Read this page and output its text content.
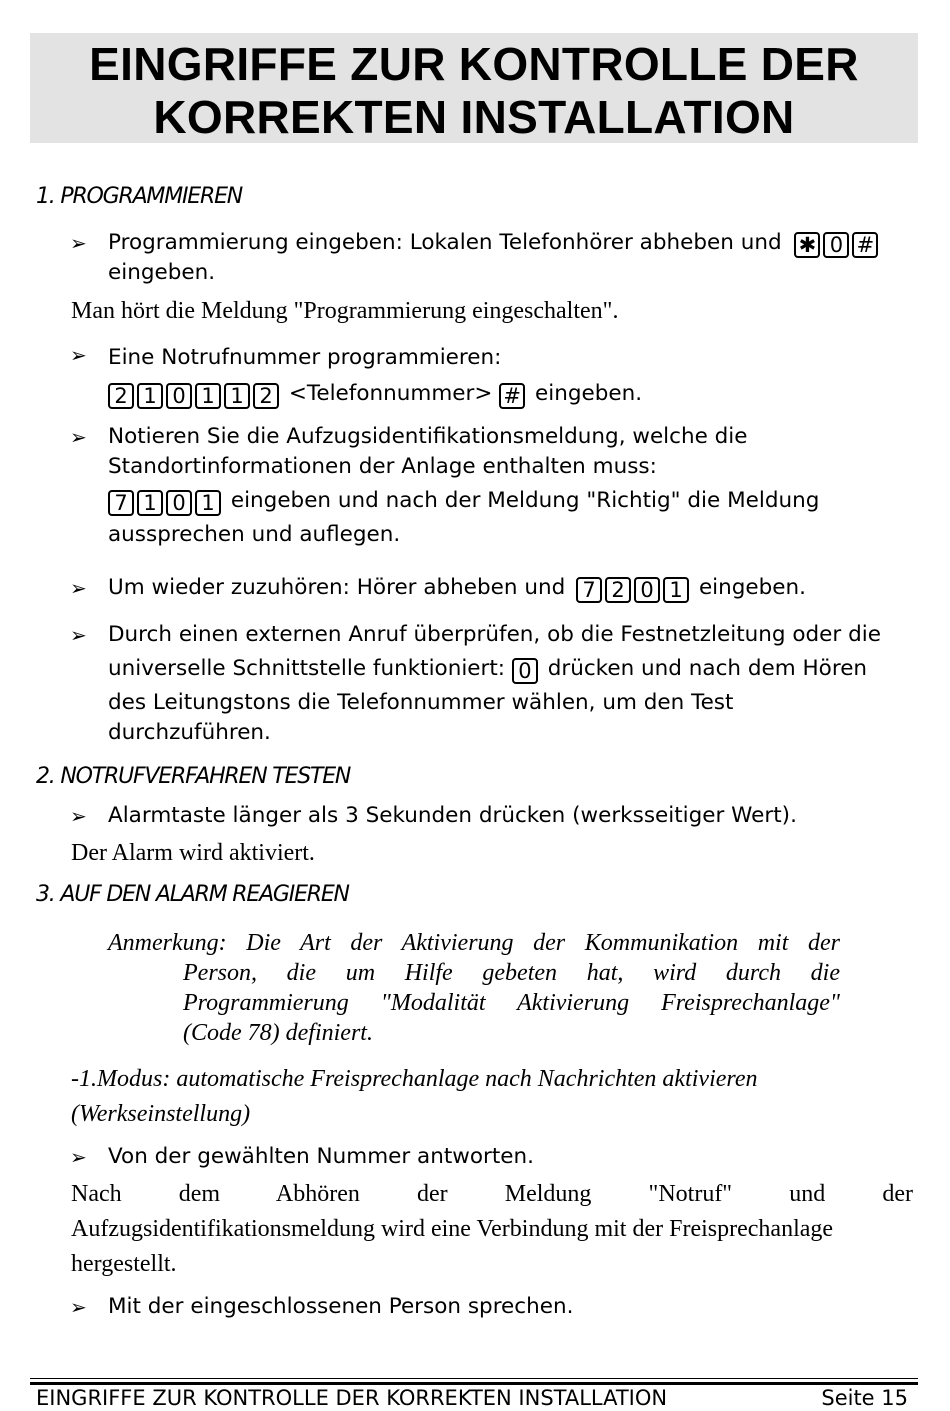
EINGRIFFE ZUR KONTROLLE DER
KORREKTEN INSTALLATION
1. PROGRAMMIEREN
➢ Programmierung eingeben: Lokalen Telefonhörer abheben und ✱ 0 #
eingeben.
Man hört die Meldung "Programmierung eingeschalten".
➢ Eine Notrufnummer programmieren:
2 1 0 1 1 2 <Telefonnummer> # eingeben.
➢ Notieren Sie die Aufzugsidentifikationsmeldung, welche die
Standortinformationen der Anlage enthalten muss:
7 1 0 1 eingeben und nach der Meldung "Richtig" die Meldung
aussprechen und auflegen.
➢ Um wieder zuzuhören: Hörer abheben und 7 2 0 1 eingeben.
➢ Durch einen externen Anruf überprüfen, ob die Festnetzleitung oder die
universelle Schnittstelle funktioniert: 0 drücken und nach dem Hören
des Leitungstons die Telefonnummer wählen, um den Test
durchzuführen.
2. NOTRUFVERFAHREN TESTEN
➢ Alarmtaste länger als 3 Sekunden drücken (werksseitiger Wert).
Der Alarm wird aktiviert.
3. AUF DEN ALARM REAGIEREN
Anmerkung: Die Art der Aktivierung der Kommunikation mit der
Person, die um Hilfe gebeten hat, wird durch die
Programmierung "Modalität Aktivierung Freisprechanlage"
(Code 78) definiert.
-1.Modus: automatische Freisprechanlage nach Nachrichten aktivieren
(Werkseinstellung)
➢ Von der gewählten Nummer antworten.
Nach dem Abhören der Meldung "Notruf" und der
Aufzugsidentifikationsmeldung wird eine Verbindung mit der Freisprechanlage
hergestellt.
➢ Mit der eingeschlossenen Person sprechen.
EINGRIFFE ZUR KONTROLLE DER KORREKTEN INSTALLATION	Seite 15
